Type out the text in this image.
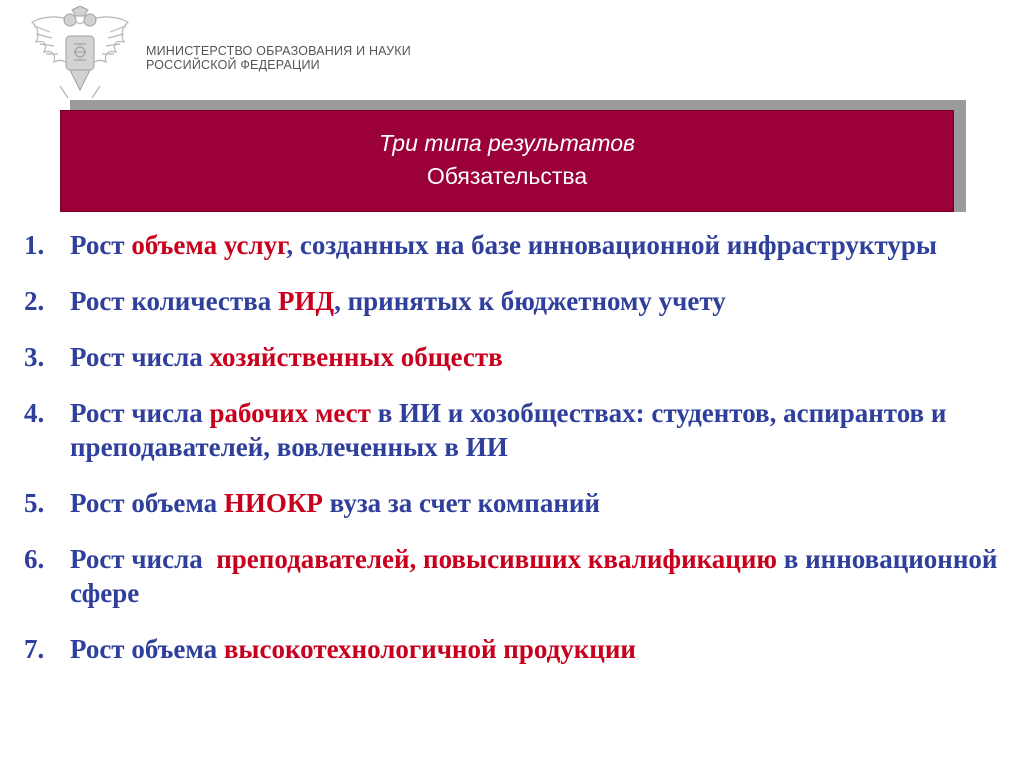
МИНИСТЕРСТВО ОБРАЗОВАНИЯ И НАУКИ
РОССИЙСКОЙ ФЕДЕРАЦИИ
Три типа результатов
Обязательства
1. Рост объема услуг, созданных на базе инновационной инфраструктуры
2. Рост количества РИД, принятых к бюджетному учету
3. Рост числа хозяйственных обществ
4. Рост числа рабочих мест в ИИ и хозобществах: студентов, аспирантов и преподавателей, вовлеченных в ИИ
5. Рост объема НИОКР вуза за счет компаний
6. Рост числа  преподавателей, повысивших квалификацию в инновационной сфере
7. Рост объема высокотехнологичной продукции
